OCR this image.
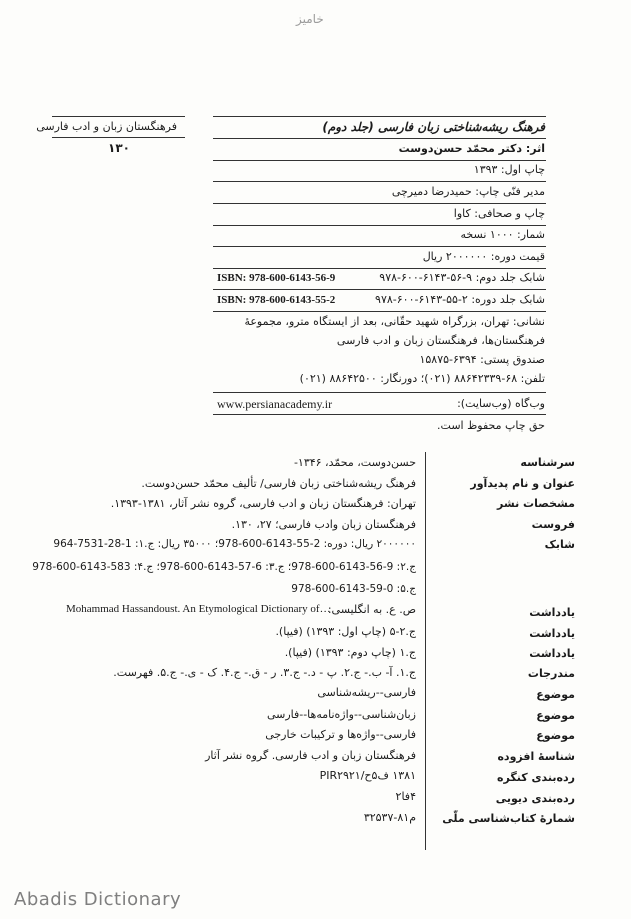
خامیز
فرهنگستان زبان و ادب فارسی
۱۳۰
فرهنگ ریشه‌شناختی زبان فارسی (جلد دوم)
اثر: دکتر محمّد حسن‌دوست
چاپ اول: ۱۳۹۳
مدیر فنّی چاپ: حمیدرضا دمیرچی
چاپ و صحافی: کاوا
شمار: ۱۰۰۰ نسخه
قیمت دوره: ۲۰۰۰۰۰۰ ریال
شابک جلد دوم: ۹-۵۶-۶۱۴۳-۶۰۰-۹۷۸
ISBN: 978-600-6143-56-9
شابک جلد دوره: ۲-۵۵-۶۱۴۳-۶۰۰-۹۷۸
ISBN: 978-600-6143-55-2
نشانی: تهران، بزرگراه شهید حقّانی، بعد از ایستگاه مترو، مجموعهٔ
فرهنگستان‌ها، فرهنگستان زبان و ادب فارسی
صندوق پستی: ۶۳۹۴-۱۵۸۷۵
تلفن: ۶۸-۸۸۶۴۲۳۳۹ (۰۲۱)؛ دورنگار: ۸۸۶۴۲۵۰۰ (۰۲۱)
وب‌گاه (وب‌سایت):
www.persianacademy.ir
حق چاپ محفوظ است.
سرشناسه
حسن‌دوست، محمّد، ۱۳۴۶-
عنوان و نام پدیدآور
فرهنگ ریشه‌شناختی زبان فارسی/ تألیف محمّد حسن‌دوست.
مشخصات نشر
تهران: فرهنگستان زبان و ادب فارسی، گروه نشر آثار، ۱۳۸۱-۱۳۹۳.
فروست
فرهنگستان زبان وادب فارسی؛ ۲۷، ۱۳۰.
شابک
۲۰۰۰۰۰۰ ریال: دوره: 2-55-6143-600-978؛ ۳۵۰۰۰ ریال: ج.۱: 1-28-7531-964
ج.۲: 9-56-6143-600-978؛ ج.۳: 6-57-6143-600-978؛ ج.۴: 583-6143-600-978
ج.۵: 0-59-6143-600-978
یادداشت
ص. ع. به انگلیسی:
Mohammad Hassandoust. An Etymological Dictionary of…
یادداشت
ج.۲-۵ (چاپ اول: ۱۳۹۳) (فیپا).
یادداشت
ج.۱ (چاپ دوم: ۱۳۹۳) (فیپا).
مندرجات
ج.۱. آ- ب.- ج.۲. پ - د.- ج.۳. ر - ق.- ج.۴. ک - ی.- ج.۵. فهرست.
موضوع
فارسی--ریشه‌شناسی
موضوع
زبان‌شناسی--واژه‌نامه‌ها--فارسی
موضوع
فارسی--واژه‌ها و ترکیبات خارجی
شناسهٔ افزوده
فرهنگستان زبان و ادب فارسی. گروه نشر آثار
رده‌بندی کنگره
۱۳۸۱ ف۵ح/PIR۲۹۲۱
رده‌بندی دیویی
۴فا۲
شمارهٔ کتاب‌شناسی ملّی
م۸۱-۳۲۵۳۷
Abadis Dictionary
